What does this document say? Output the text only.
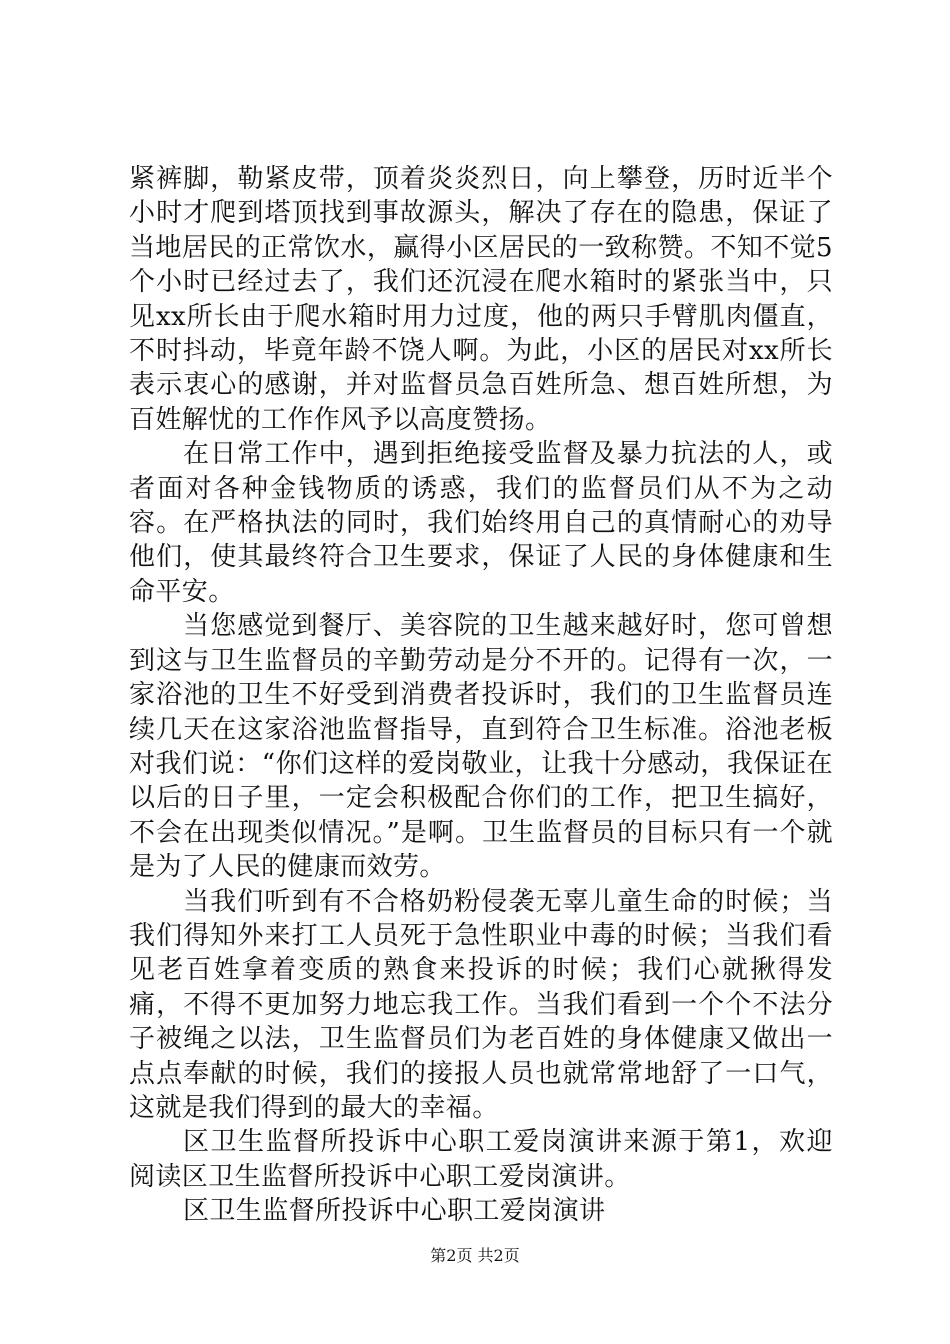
紧裤脚，勒紧皮带，顶着炎炎烈日，向上攀登，历时近半个小时才爬到塔顶找到事故源头，解决了存在的隐患，保证了当地居民的正常饮水，赢得小区居民的一致称赞。不知不觉5个小时已经过去了，我们还沉浸在爬水箱时的紧张当中，只见xx所长由于爬水箱时用力过度，他的两只手臂肌肉僵直，不时抖动，毕竟年龄不饶人啊。为此，小区的居民对xx所长表示衷心的感谢，并对监督员急百姓所急、想百姓所想，为百姓解忧的工作作风予以高度赞扬。

在日常工作中，遇到拒绝接受监督及暴力抗法的人，或者面对各种金钱物质的诱惑，我们的监督员们从不为之动容。在严格执法的同时，我们始终用自己的真情耐心的劝导他们，使其最终符合卫生要求，保证了人民的身体健康和生命平安。

当您感觉到餐厅、美容院的卫生越来越好时，您可曾想到这与卫生监督员的辛勤劳动是分不开的。记得有一次，一家浴池的卫生不好受到消费者投诉时，我们的卫生监督员连续几天在这家浴池监督指导，直到符合卫生标准。浴池老板对我们说：“你们这样的爱岗敬业，让我十分感动，我保证在以后的日子里，一定会积极配合你们的工作，把卫生搞好，不会在出现类似情况。”是啊。卫生监督员的目标只有一个就是为了人民的健康而效劳。

当我们听到有不合格奶粉侵袭无辜儿童生命的时候；当我们得知外来打工人员死于急性职业中毒的时候；当我们看见老百姓拿着变质的熟食来投诉的时候；我们心就揪得发痛，不得不更加努力地忘我工作。当我们看到一个个不法分子被绳之以法，卫生监督员们为老百姓的身体健康又做出一点点奉献的时候，我们的接报人员也就常常地舒了一口气，这就是我们得到的最大的幸福。

区卫生监督所投诉中心职工爱岗演讲来源于第1，欢迎阅读区卫生监督所投诉中心职工爱岗演讲。

区卫生监督所投诉中心职工爱岗演讲

第2页 共2页
